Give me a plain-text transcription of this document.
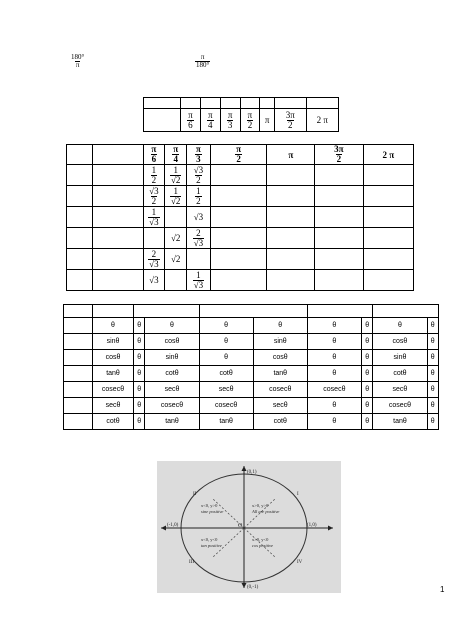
$\frac{180^\circ}{\pi}$	$\frac{\pi}{180^\circ}$

	$\frac{\pi}{6}$	$\frac{\pi}{4}$	$\frac{\pi}{3}$	$\frac{\pi}{2}$	π	$\frac{3\pi}{2}$	2 π

		$\frac{\pi}{6}$	$\frac{\pi}{4}$	$\frac{\pi}{3}$	$\frac{\pi}{2}$	π	$\frac{3\pi}{2}$	2 π

		$\frac{1}{2}$	$\frac{1}{√2}$	$\frac{√3}{2}$

		$\frac{√3}{2}$	$\frac{1}{√2}$	$\frac{1}{2}$

		$\frac{1}{√3}$		√3				
			√2	$\frac{2}{√3}$

		$\frac{2}{√3}$	√2					
		√3		$\frac{1}{√3}$

	θ	θ	θ	θ	θ	θ	θ	θ	θ
	sinθ	θ	cosθ	θ	sinθ	θ	θ	cosθ	θ
	cosθ	θ	sinθ	θ	cosθ	θ	θ	sinθ	θ
	tanθ	θ	cotθ	cotθ	tanθ	θ	θ	cotθ	θ
	cosecθ	θ	secθ	secθ	cosecθ	cosecθ	θ	secθ	θ
	secθ	θ	cosecθ	cosecθ	secθ	θ	θ	cosecθ	θ
	cotθ	θ	tanθ	tanθ	cotθ	θ	θ	tanθ	θ
(0,1)
(0,-1)
(-1,0)	(1,0)
O
I
II
III	IV
x>0, y>0
All are positive
x<0, y>0
sine positive
x<0, y<0
tan positive
x>0, y<0
cos positive
1
